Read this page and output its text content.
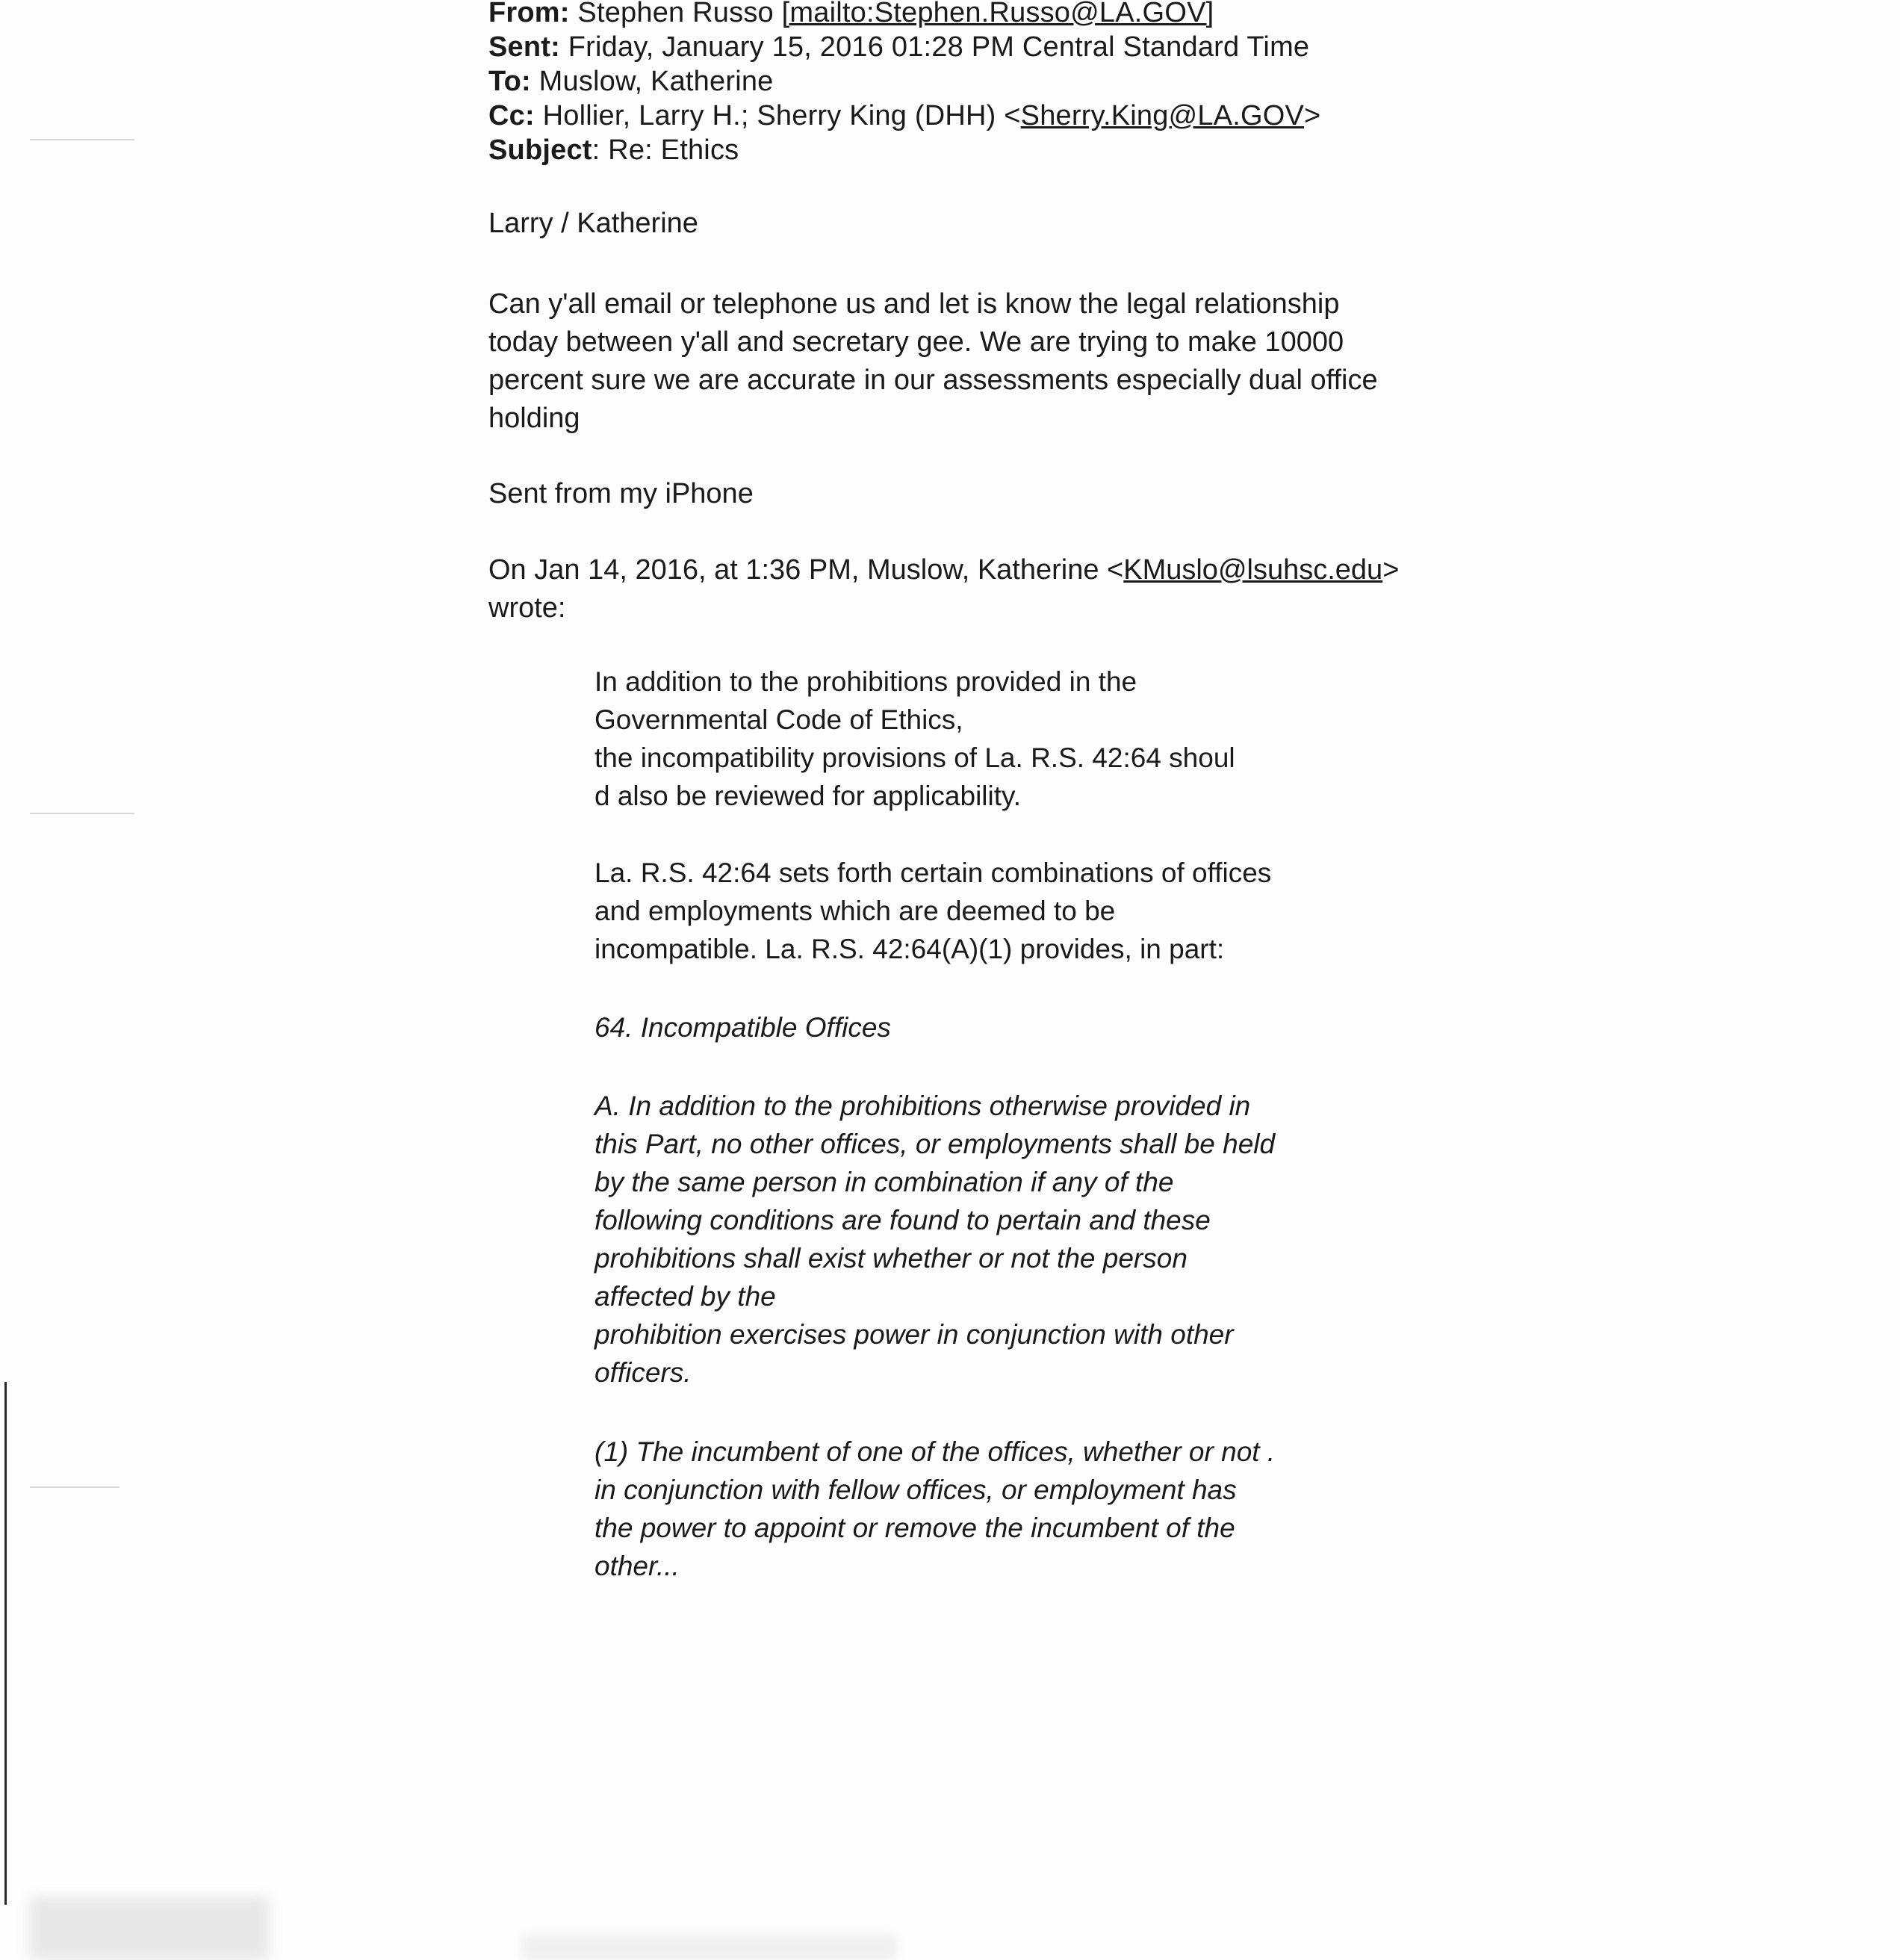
From: Stephen Russo [mailto:Stephen.Russo@LA.GOV]
Sent: Friday, January 15, 2016 01:28 PM Central Standard Time
To: Muslow, Katherine
Cc: Hollier, Larry H.; Sherry King (DHH) <Sherry.King@LA.GOV>
Subject: Re: Ethics
Larry / Katherine
Can y'all email or telephone us and let is know the legal relationship
today between y'all and secretary gee. We are trying to make 10000
percent sure we are accurate in our assessments especially dual office
holding
Sent from my iPhone
On Jan 14, 2016, at 1:36 PM, Muslow, Katherine <KMuslo@lsuhsc.edu>
wrote:
In addition to the prohibitions provided in the
Governmental Code of Ethics,
the incompatibility provisions of La. R.S. 42:64 shoul
d also be reviewed for applicability.
La. R.S. 42:64 sets forth certain combinations of offices
and employments which are deemed to be
incompatible. La. R.S. 42:64(A)(1) provides, in part:
64. Incompatible Offices
A. In addition to the prohibitions otherwise provided in
this Part, no other offices, or employments shall be held
by the same person in combination if any of the
following conditions are found to pertain and these
prohibitions shall exist whether or not the person
affected by the
prohibition exercises power in conjunction with other
officers.
(1) The incumbent of one of the offices, whether or not .
in conjunction with fellow offices, or employment has
the power to appoint or remove the incumbent of the
other...
